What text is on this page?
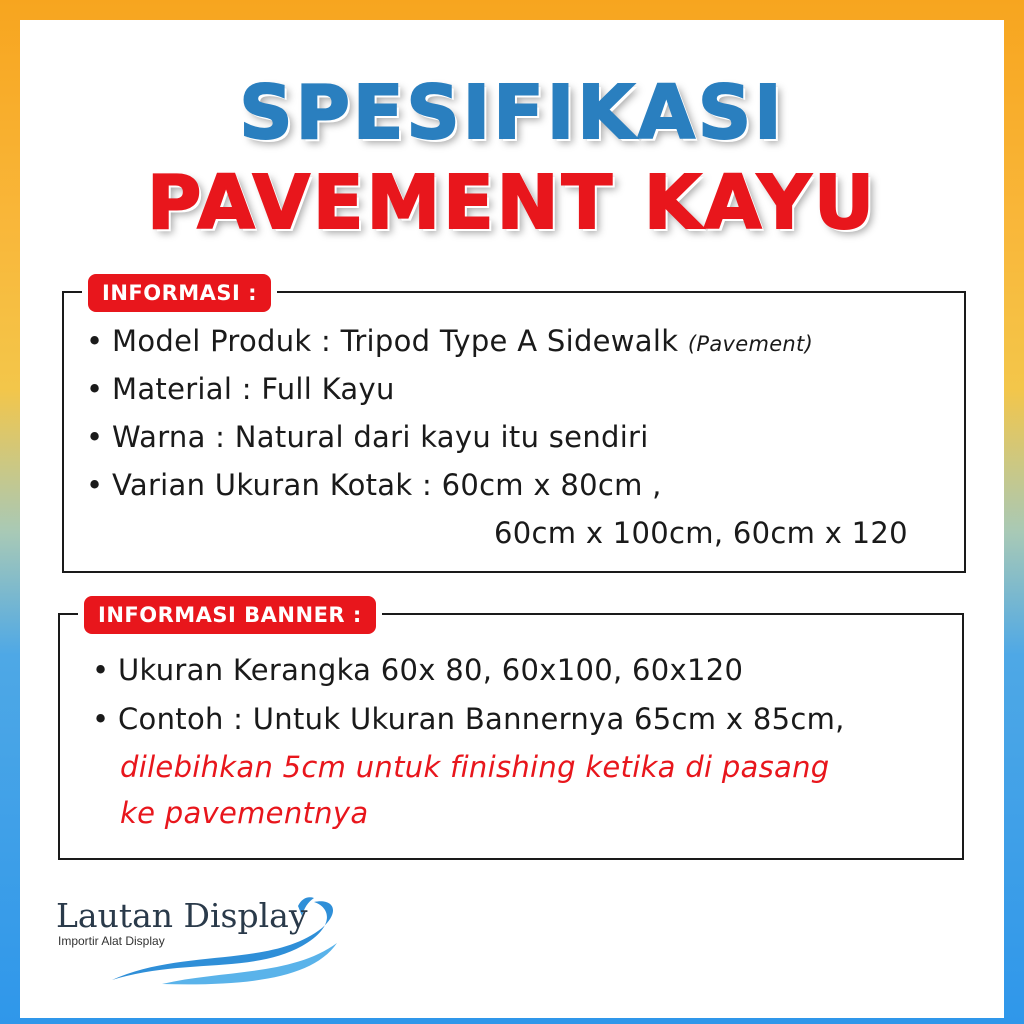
SPESIFIKASI
PAVEMENT KAYU
INFORMASI :
• Model Produk : Tripod Type A Sidewalk (Pavement)
• Material : Full Kayu
• Warna : Natural dari kayu itu sendiri
• Varian Ukuran Kotak : 60cm x 80cm ,
60cm x 100cm, 60cm x 120
INFORMASI BANNER :
• Ukuran Kerangka 60x 80, 60x100, 60x120
• Contoh : Untuk Ukuran Bannernya 65cm x 85cm,
dilebihkan 5cm untuk finishing ketika di pasang
ke pavementnya
Lautan Display
Importir Alat Display
